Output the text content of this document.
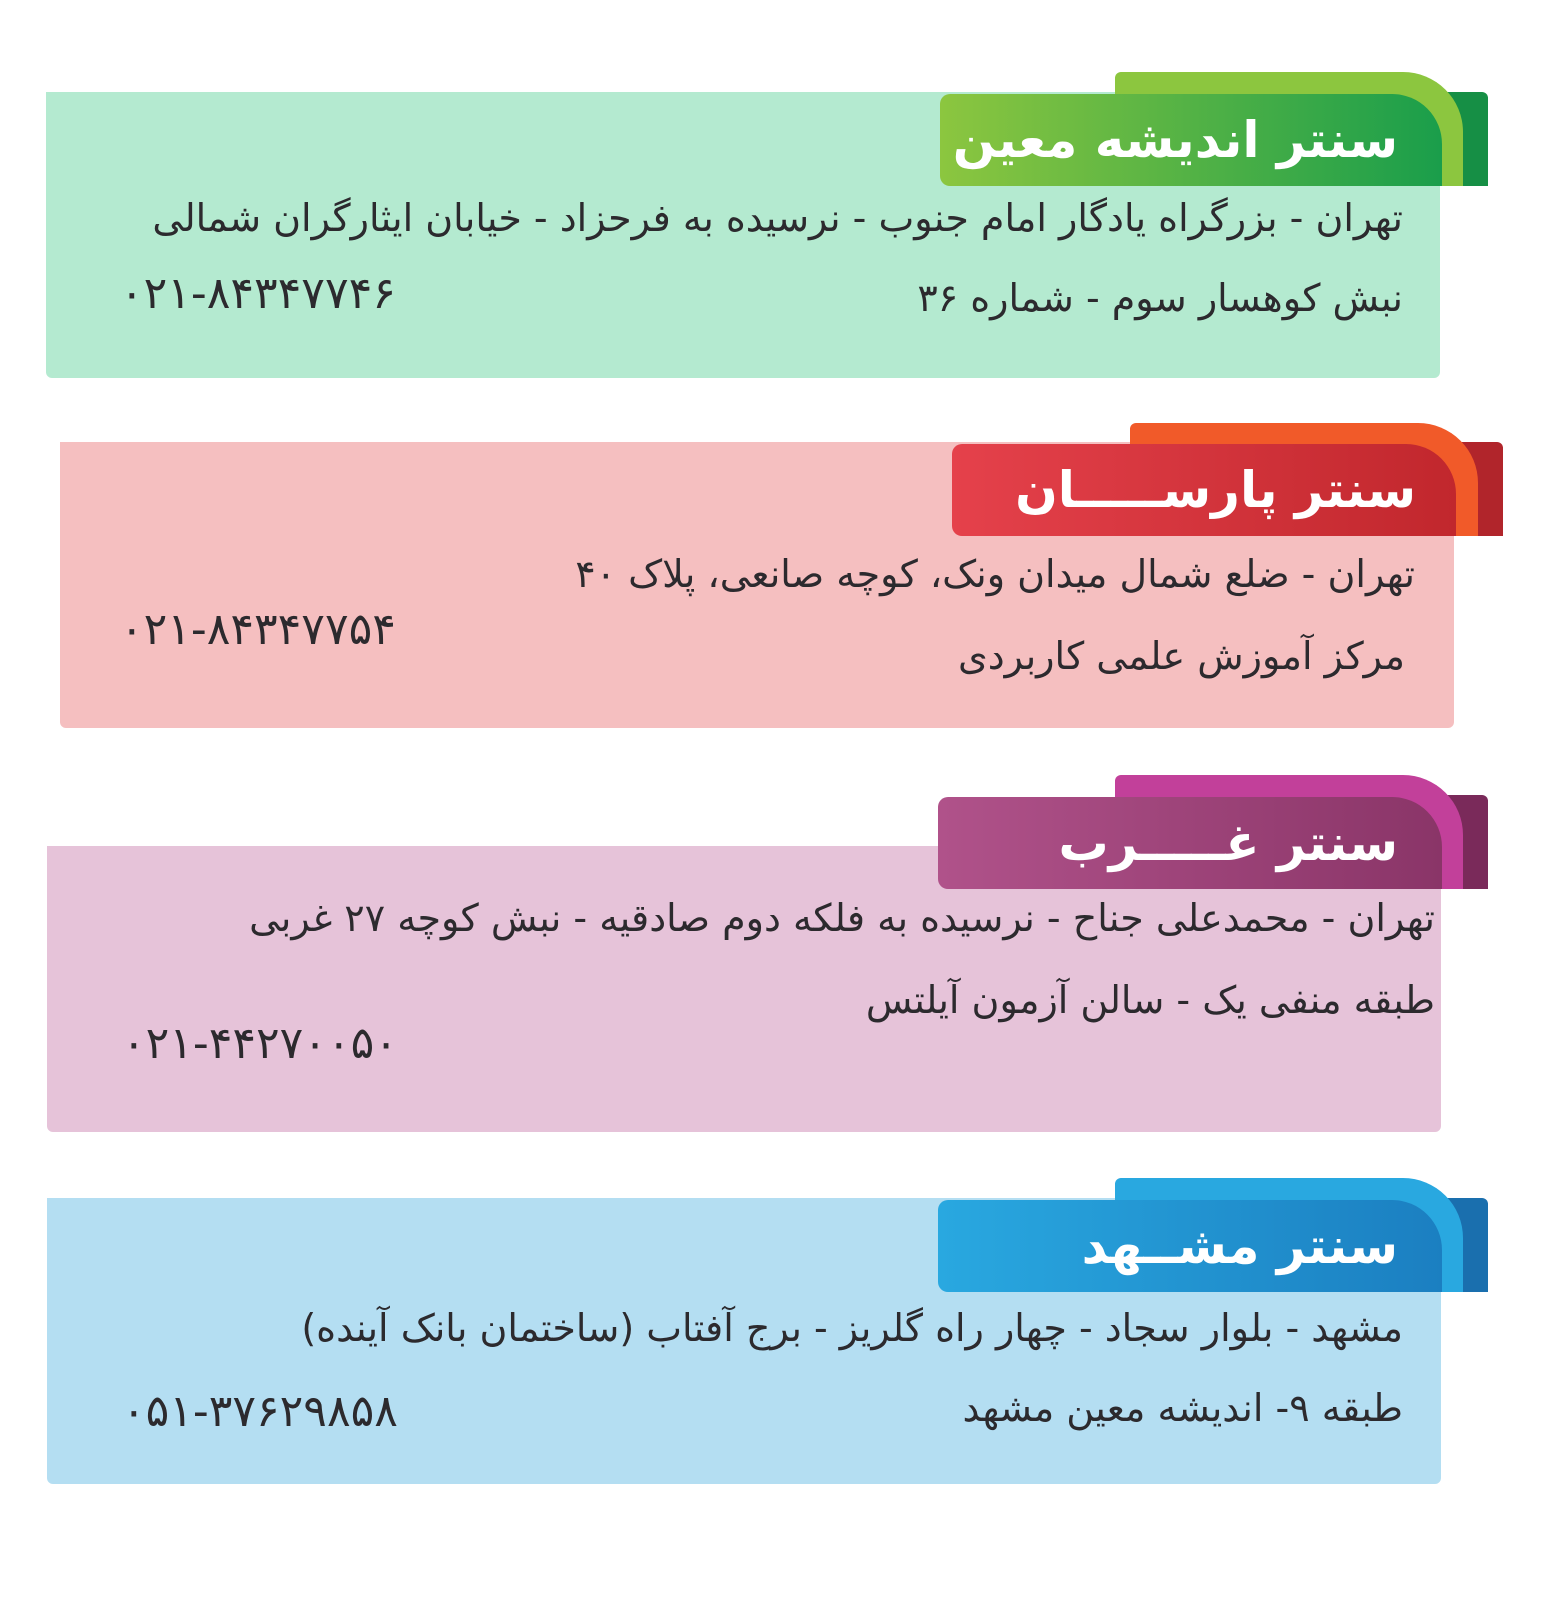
سنتر اندیشه معین
تهران - بزرگراه یادگار امام جنوب - نرسیده به فرحزاد - خیابان ایثارگران شمالی
نبش کوهسار سوم - شماره ۳۶
۰۲۱-۸۴۳۴۷۷۴۶
سنتر پارســـــان
تهران - ضلع شمال میدان ونک، کوچه صانعی، پلاک ۴۰
مرکز آموزش علمی کاربردی
۰۲۱-۸۴۳۴۷۷۵۴
سنتر غـــــرب
تهران - محمدعلی جناح - نرسیده به فلکه دوم صادقیه - نبش کوچه ۲۷ غربی
طبقه منفی یک - سالن آزمون آیلتس
۰۲۱-۴۴۲۷۰۰۵۰
سنتر مشــهد
مشهد - بلوار سجاد - چهار راه گلریز - برج آفتاب (ساختمان بانک آینده)
طبقه ۹- اندیشه معین مشهد
۰۵۱-۳۷۶۲۹۸۵۸
